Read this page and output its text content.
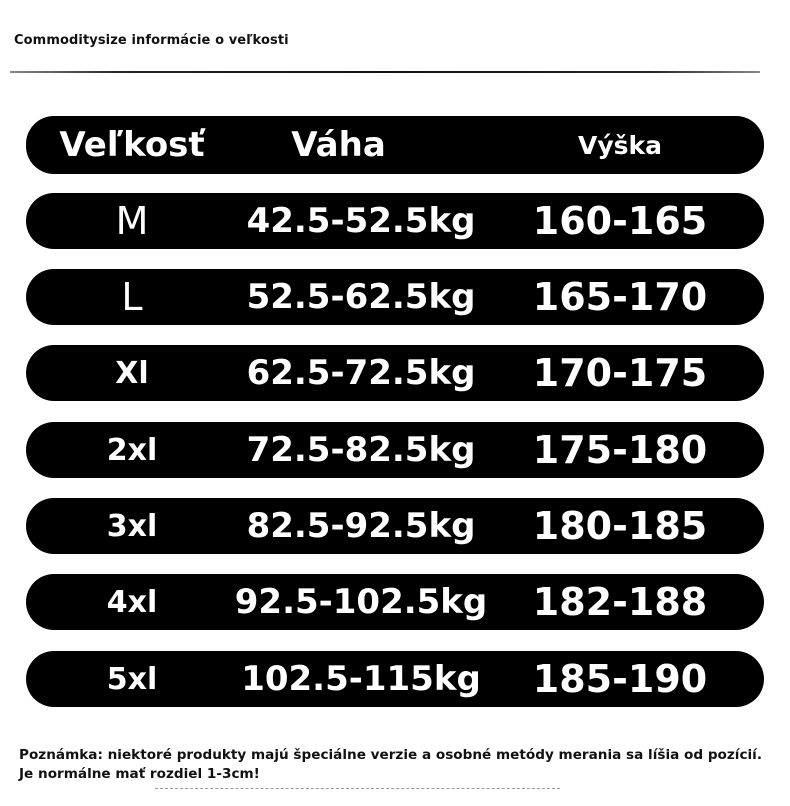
Commoditysize informácie o veľkosti
Veľkosť	Váha	Výška
M	42.5-52.5kg	160-165
L	52.5-62.5kg	165-170
Xl	62.5-72.5kg	170-175
2xl	72.5-82.5kg	175-180
3xl	82.5-92.5kg	180-185
4xl	92.5-102.5kg	182-188
5xl	102.5-115kg	185-190
Poznámka: niektoré produkty majú špeciálne verzie a osobné metódy merania sa líšia od pozícií. Je normálne mať rozdiel 1-3cm!
